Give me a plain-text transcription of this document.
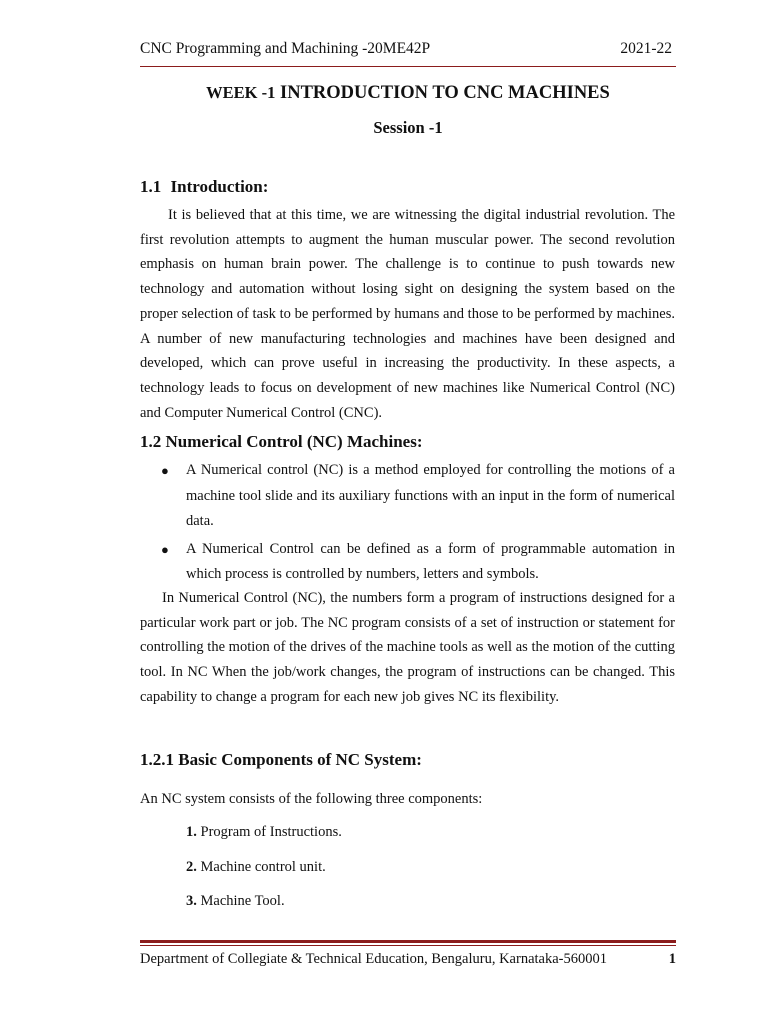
CNC Programming and Machining -20ME42P	2021-22
WEEK -1 INTRODUCTION TO CNC MACHINES
Session -1
1.1 Introduction:

It is believed that at this time, we are witnessing the digital industrial revolution. The first revolution attempts to augment the human muscular power. The second revolution emphasis on human brain power. The challenge is to continue to push towards new technology and automation without losing sight on designing the system based on the proper selection of task to be performed by humans and those to be performed by machines. A number of new manufacturing technologies and machines have been designed and developed, which can prove useful in increasing the productivity. In these aspects, a technology leads to focus on development of new machines like Numerical Control (NC) and Computer Numerical Control (CNC).

1.2 Numerical Control (NC) Machines:
● A Numerical control (NC) is a method employed for controlling the motions of a machine tool slide and its auxiliary functions with an input in the form of numerical data.
● A Numerical Control can be defined as a form of programmable automation in which process is controlled by numbers, letters and symbols.

In Numerical Control (NC), the numbers form a program of instructions designed for a particular work part or job. The NC program consists of a set of instruction or statement for controlling the motion of the drives of the machine tools as well as the motion of the cutting tool. In NC When the job/work changes, the program of instructions can be changed. This capability to change a program for each new job gives NC its flexibility.

1.2.1 Basic Components of NC System:
An NC system consists of the following three components:
1. Program of Instructions.
2. Machine control unit.
3. Machine Tool.
Department of Collegiate & Technical Education, Bengaluru, Karnataka-560001	1
